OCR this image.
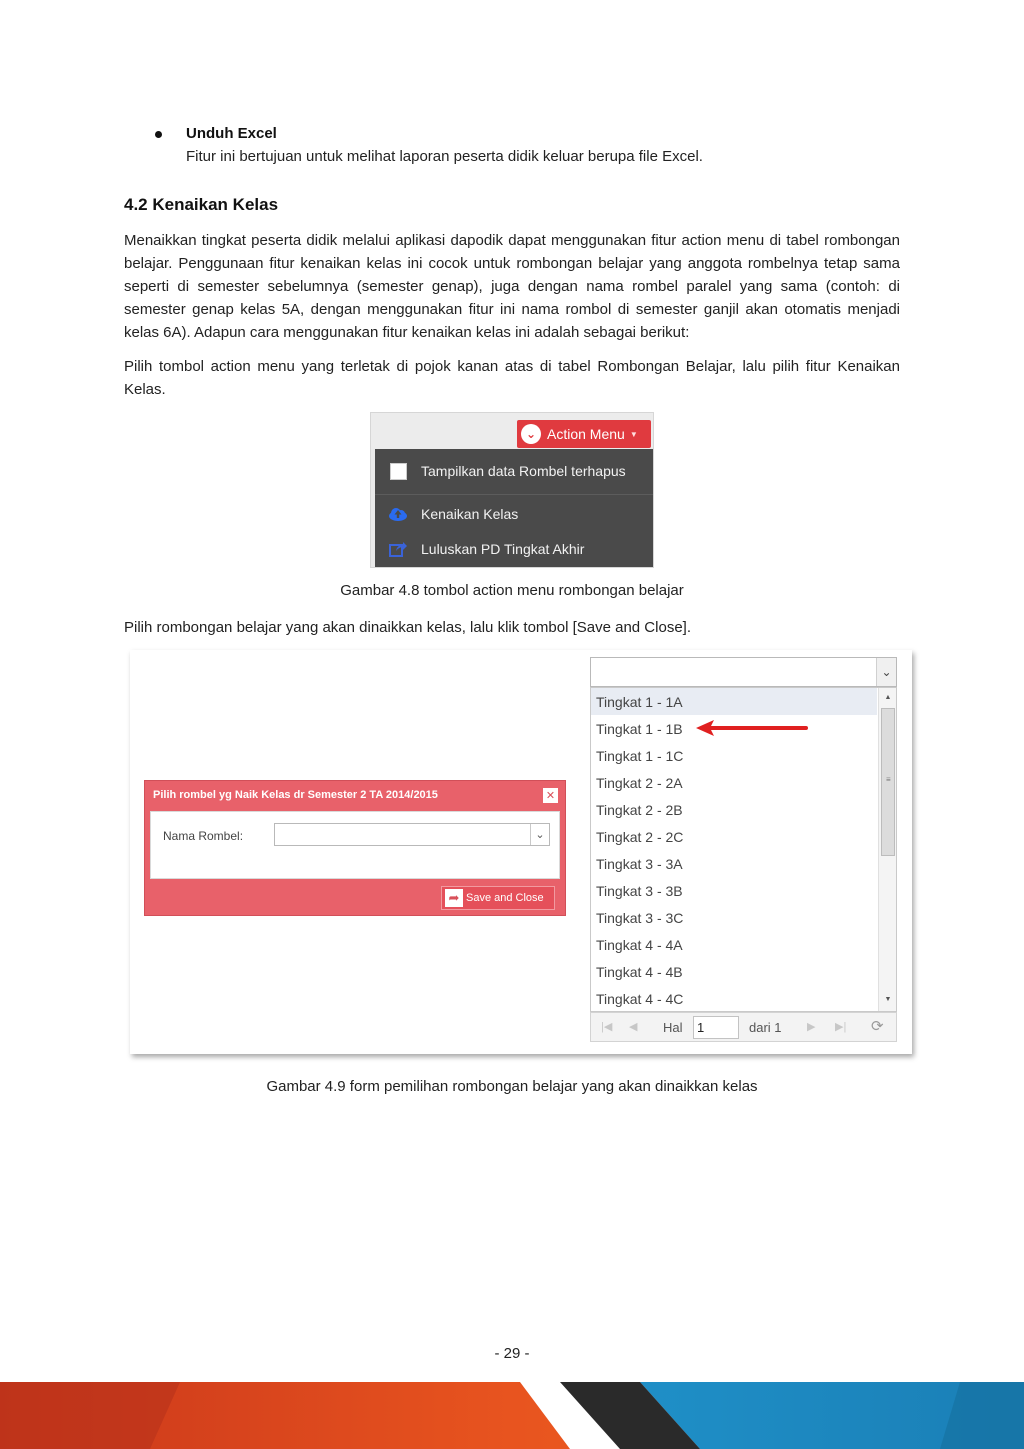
Unduh Excel
Fitur ini bertujuan untuk melihat laporan peserta didik keluar berupa file Excel.
4.2 Kenaikan Kelas
Menaikkan tingkat peserta didik melalui aplikasi dapodik dapat menggunakan fitur action menu di tabel rombongan belajar. Penggunaan fitur kenaikan kelas ini cocok untuk rombongan belajar yang anggota rombelnya tetap sama seperti di semester sebelumnya (semester genap), juga dengan nama rombel paralel yang sama (contoh: di semester genap kelas 5A, dengan menggunakan fitur ini nama rombol di semester ganjil akan otomatis menjadi kelas 6A). Adapun cara menggunakan fitur kenaikan kelas ini adalah sebagai berikut:
Pilih tombol action menu yang terletak di pojok kanan atas di tabel Rombongan Belajar, lalu pilih fitur Kenaikan Kelas.
⌄ Action Menu ▼
Tampilkan data Rombel terhapus
Kenaikan Kelas
Luluskan PD Tingkat Akhir
Gambar 4.8 tombol action menu rombongan belajar
Pilih rombongan belajar yang akan dinaikkan kelas, lalu klik tombol [Save and Close].
Pilih rombel yg Naik Kelas dr Semester 2 TA 2014/2015	✕
Nama Rombel:	⌄
➦ Save and Close
⌄
Tingkat 1 - 1A
Tingkat 1 - 1B
Tingkat 1 - 1C
Tingkat 2 - 2A
Tingkat 2 - 2B
Tingkat 2 - 2C
Tingkat 3 - 3A
Tingkat 3 - 3B
Tingkat 3 - 3C
Tingkat 4 - 4A
Tingkat 4 - 4B
Tingkat 4 - 4C
▲
≡
▼
|◀ ◀ Hal	1	dari 1 ▶ ▶| ⟳
Gambar 4.9 form pemilihan rombongan belajar yang akan dinaikkan kelas
- 29 -
